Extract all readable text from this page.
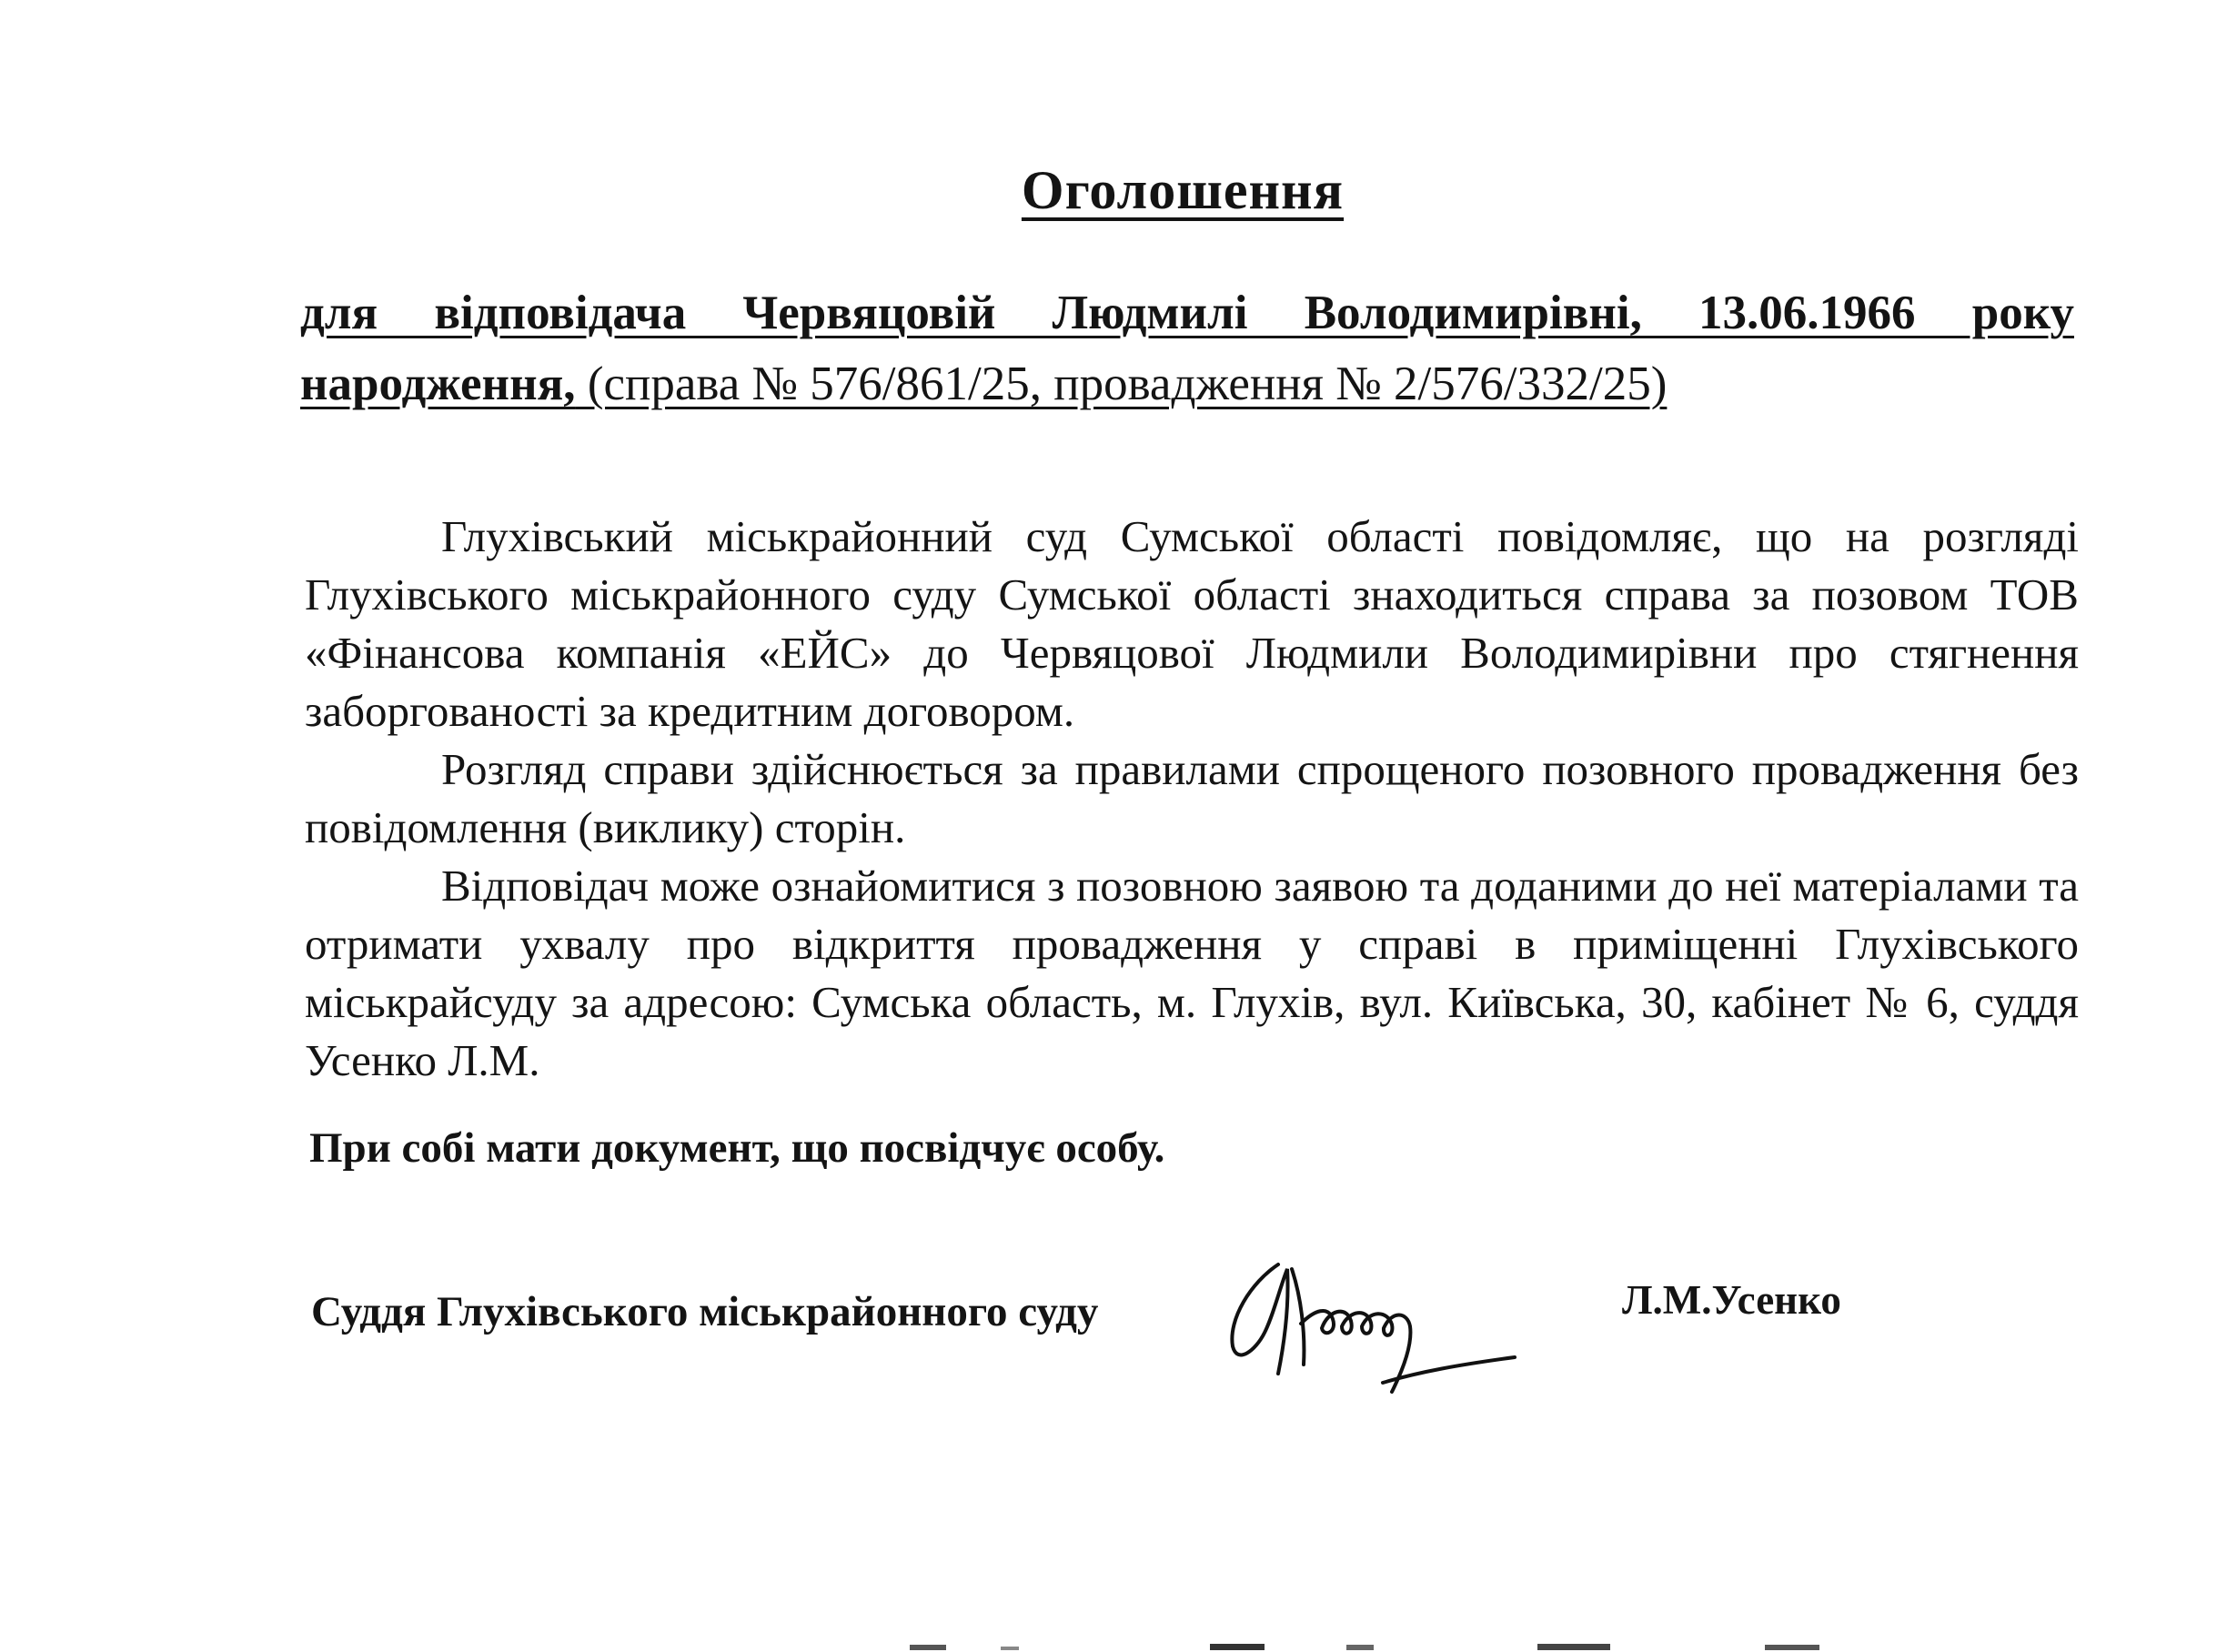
Оголошення
для відповідача Червяцовій Людмилі Володимирівні, 13.06.1966 року народження, (справа № 576/861/25, провадження № 2/576/332/25)

Глухівський міськрайонний суд Сумської області повідомляє, що на розгляді Глухівського міськрайонного суду Сумської області знаходиться справа за позовом ТОВ «Фінансова компанія «ЕЙС» до Червяцової Людмили Володимирівни про стягнення заборгованості за кредитним договором.

Розгляд справи здійснюється за правилами спрощеного позовного провадження без повідомлення (виклику) сторін.

Відповідач може ознайомитися з позовною заявою та доданими до неї матеріалами та отримати ухвалу про відкриття провадження у справі в приміщенні Глухівського міськрайсуду за адресою: Сумська область, м. Глухів, вул. Київська, 30, кабінет № 6, суддя Усенко Л.М.

При собі мати документ, що посвідчує особу.
Суддя Глухівського міськрайонного суду	Л.М.Усенко
